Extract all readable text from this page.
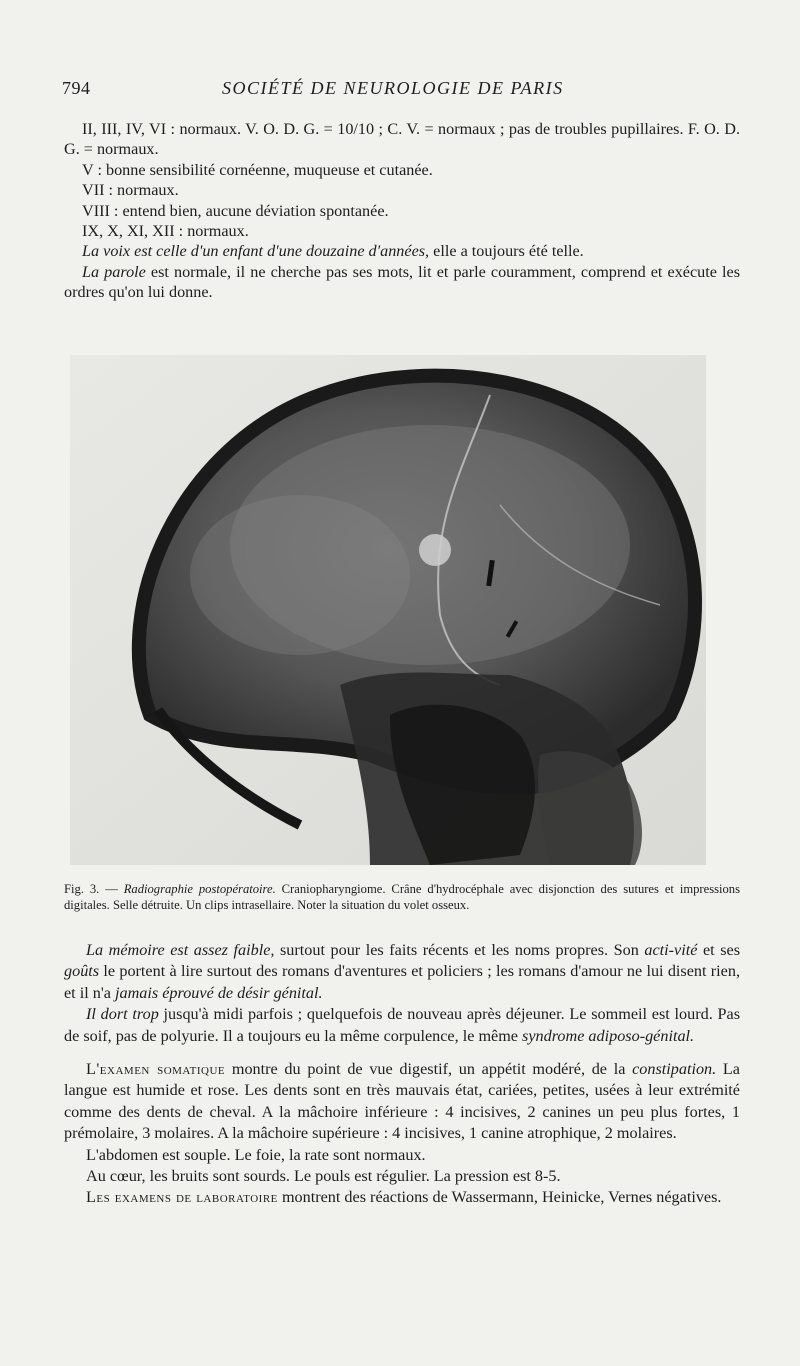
794	SOCIÉTÉ DE NEUROLOGIE DE PARIS

II, III, IV, VI : normaux. V. O. D. G. = 10/10 ; C. V. = normaux ; pas de troubles pupillaires. F. O. D. G. = normaux.

V : bonne sensibilité cornéenne, muqueuse et cutanée.

VII : normaux.

VIII : entend bien, aucune déviation spontanée.

IX, X, XI, XII : normaux.

La voix est celle d'un enfant d'une douzaine d'années, elle a toujours été telle.

La parole est normale, il ne cherche pas ses mots, lit et parle couramment, comprend et exécute les ordres qu'on lui donne.

Fig. 3. — Radiographie postopératoire. Craniopharyngiome. Crâne d'hydrocéphale avec disjonction des sutures et impressions digitales. Selle détruite. Un clips intrasellaire. Noter la situation du volet osseux.

La mémoire est assez faible, surtout pour les faits récents et les noms propres. Son acti-vité et ses goûts le portent à lire surtout des romans d'aventures et policiers ; les romans d'amour ne lui disent rien, et il n'a jamais éprouvé de désir génital.

Il dort trop jusqu'à midi parfois ; quelquefois de nouveau après déjeuner. Le sommeil est lourd. Pas de soif, pas de polyurie. Il a toujours eu la même corpulence, le même syndrome adiposo-génital.

L'examen somatique montre du point de vue digestif, un appétit modéré, de la constipation. La langue est humide et rose. Les dents sont en très mauvais état, cariées, petites, usées à leur extrémité comme des dents de cheval. A la mâchoire inférieure : 4 incisives, 2 canines un peu plus fortes, 1 prémolaire, 3 molaires. A la mâchoire supérieure : 4 incisives, 1 canine atrophique, 2 molaires.

L'abdomen est souple. Le foie, la rate sont normaux.

Au cœur, les bruits sont sourds. Le pouls est régulier. La pression est 8-5.

Les examens de laboratoire montrent des réactions de Wassermann, Heinicke, Vernes négatives.
